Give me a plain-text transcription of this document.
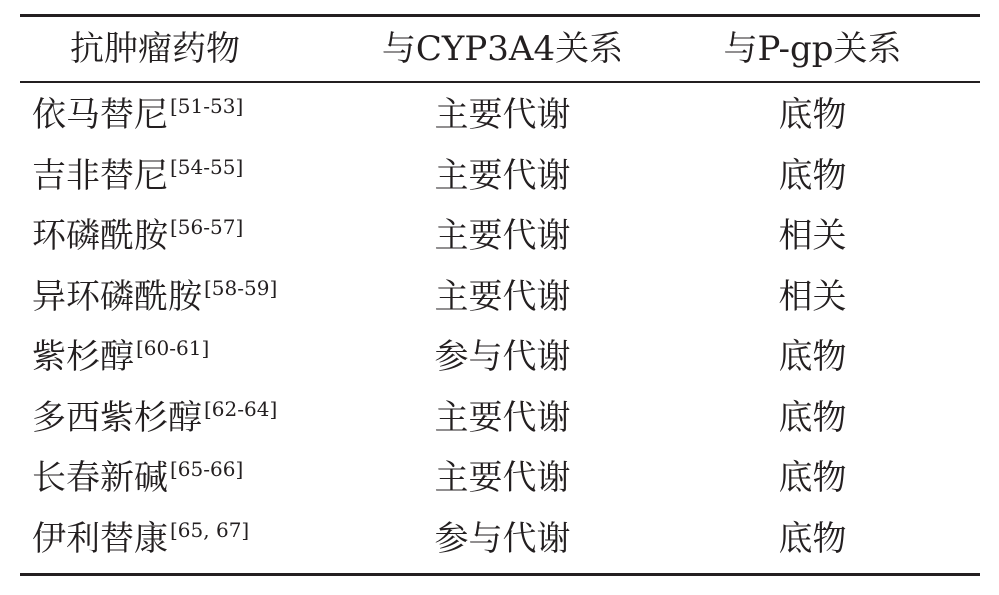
抗肿瘤药物	与CYP3A4关系	与P-gp关系
依马替尼 [51-53]	主要代谢	底物
吉非替尼 [54-55]	主要代谢	底物
环磷酰胺 [56-57]	主要代谢	相关
异环磷酰胺 [58-59]	主要代谢	相关
紫杉醇 [60-61]	参与代谢	底物
多西紫杉醇 [62-64]	主要代谢	底物
长春新碱 [65-66]	主要代谢	底物
伊利替康 [65, 67]	参与代谢	底物
